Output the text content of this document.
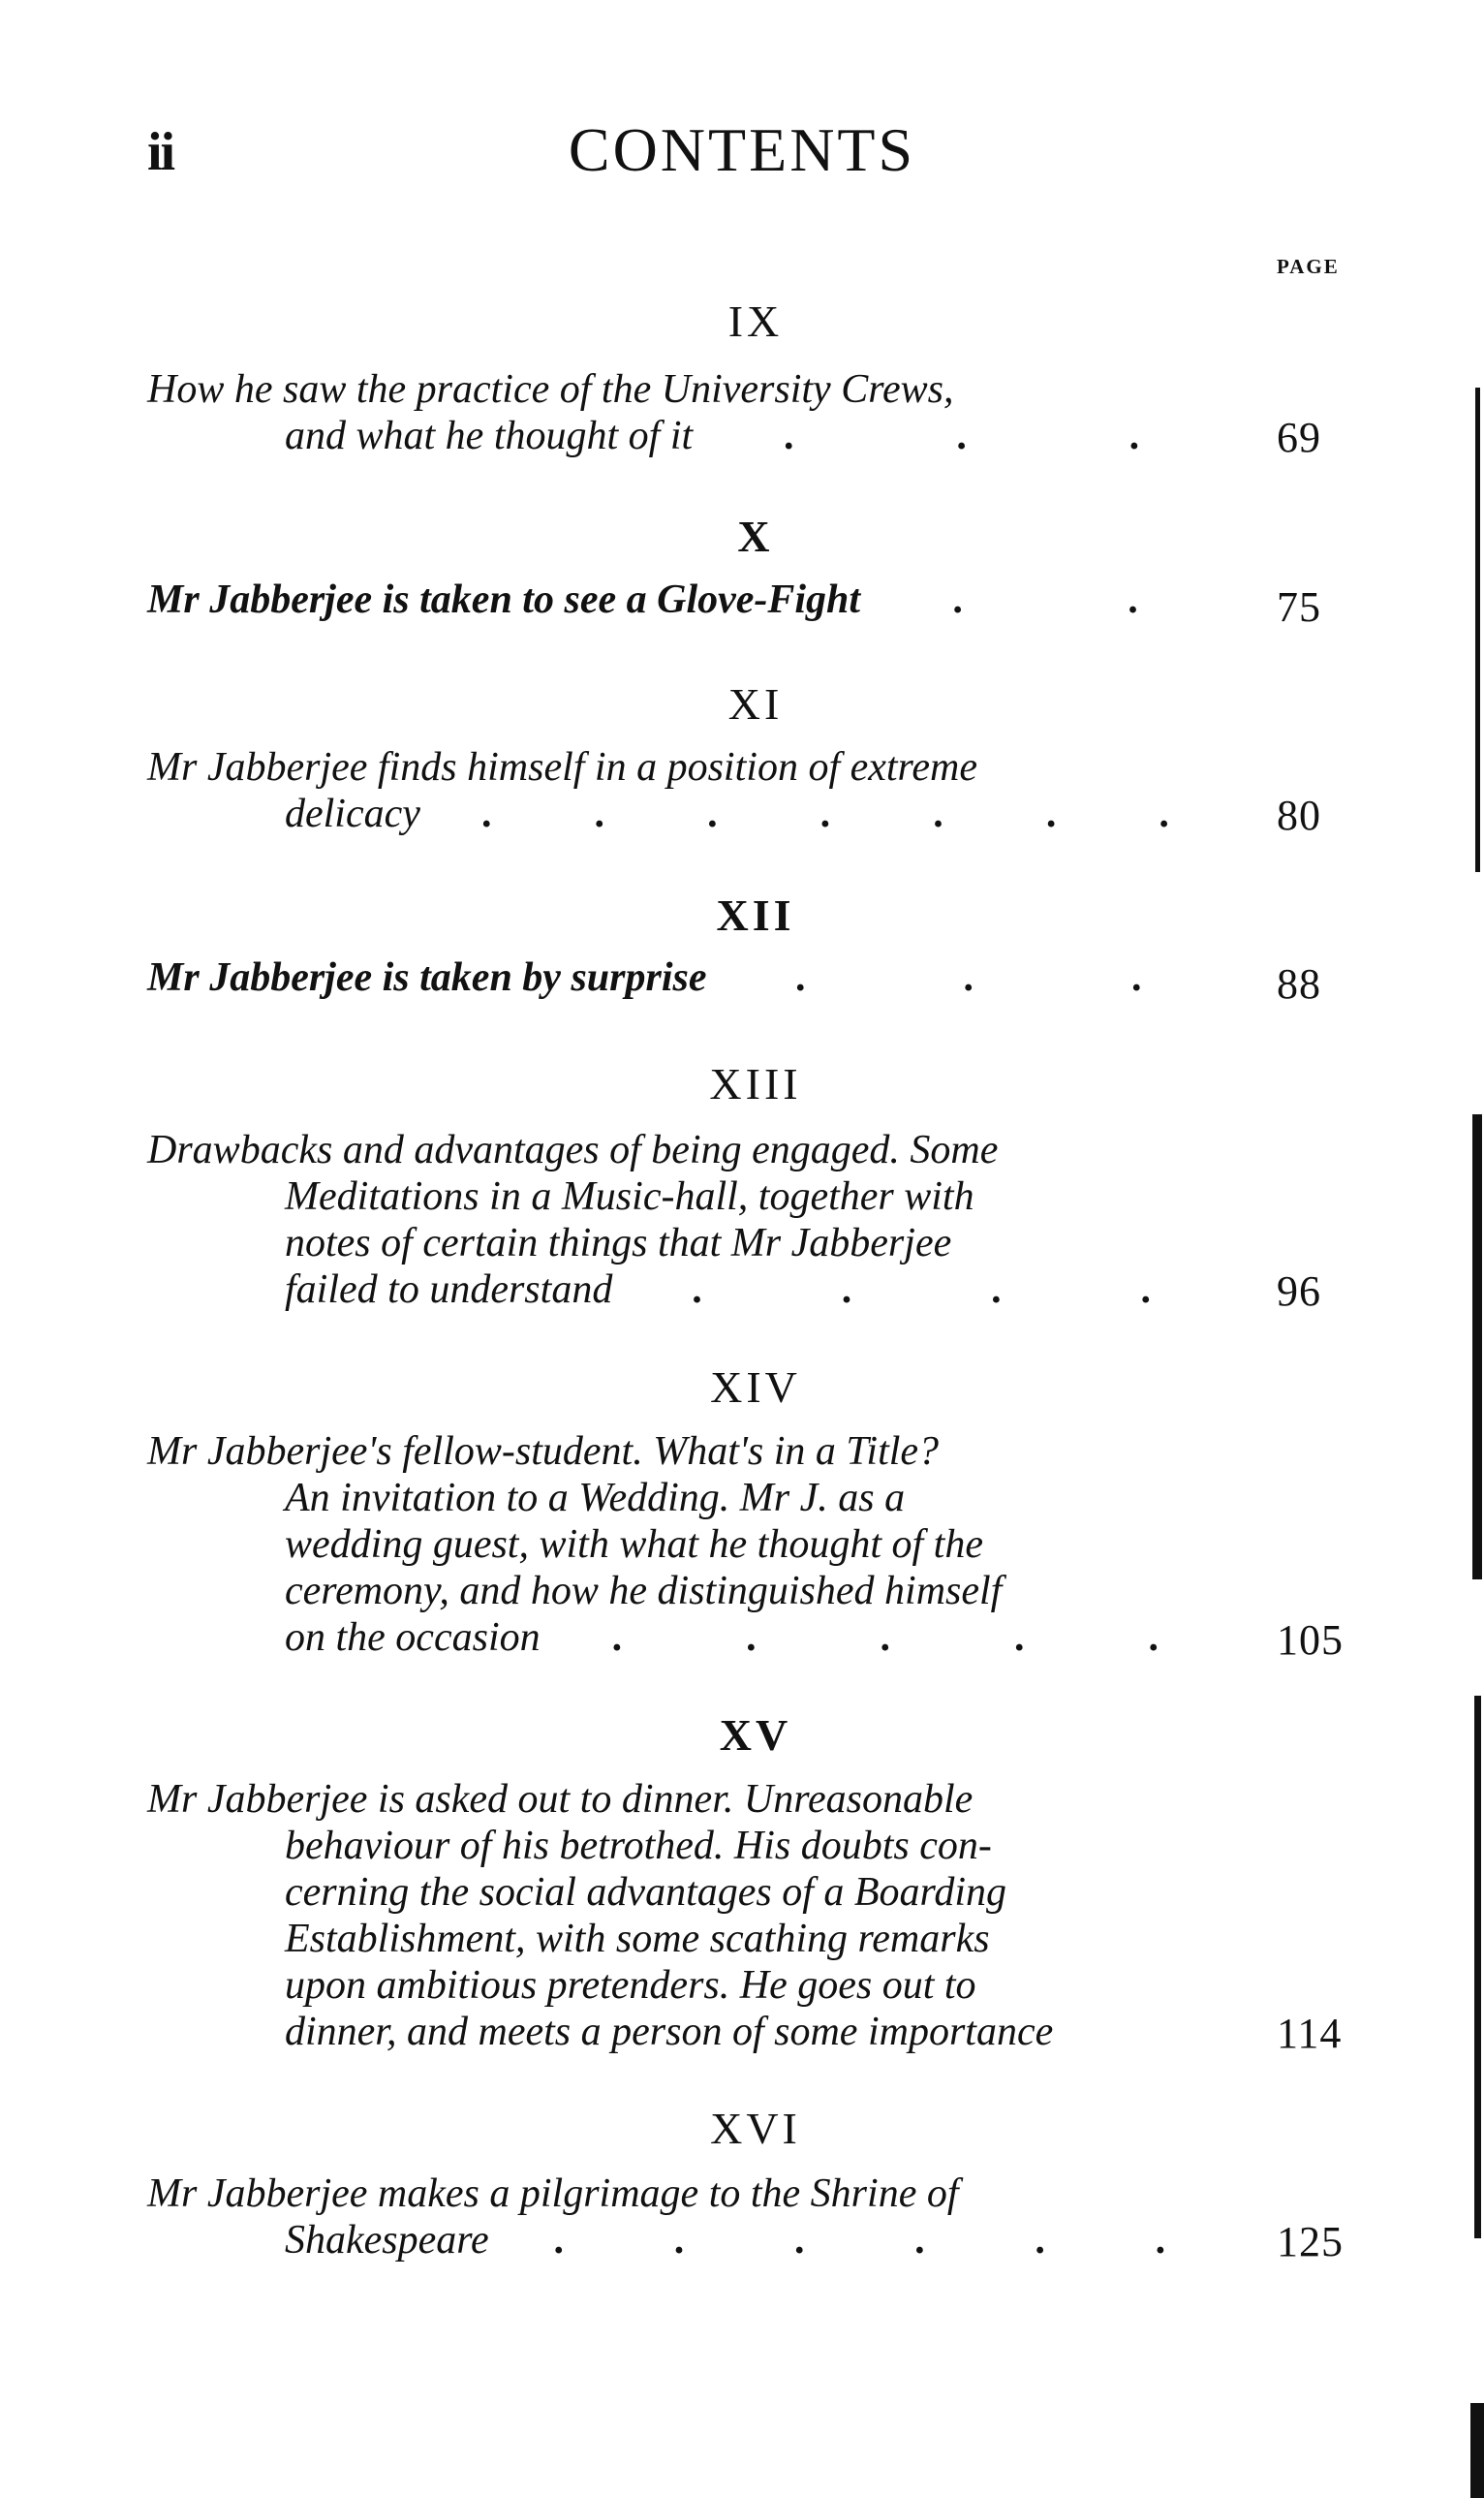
ii	CONTENTS
PAGE
IX
How he saw the practice of the University Crews,
and what he thought of it .	.	.	69
X
Mr Jabberjee is taken to see a Glove-Fight .	.	75
XI
Mr Jabberjee finds himself in a position of extreme
delicacy .	.	.	.	.	.	.	80
XII
Mr Jabberjee is taken by surprise .	.	.	88
XIII
Drawbacks and advantages of being engaged. Some
Meditations in a Music-hall, together with
notes of certain things that Mr Jabberjee
failed to understand .	.	.	.	96
XIV
Mr Jabberjee's fellow-student. What's in a Title?
An invitation to a Wedding. Mr J. as a
wedding guest, with what he thought of the
ceremony, and how he distinguished himself
on the occasion .	.	.	.	.	105
XV
Mr Jabberjee is asked out to dinner. Unreasonable
behaviour of his betrothed. His doubts con-
cerning the social advantages of a Boarding
Establishment, with some scathing remarks
upon ambitious pretenders. He goes out to
dinner, and meets a person of some importance	114
XVI
Mr Jabberjee makes a pilgrimage to the Shrine of
Shakespeare .	.	.	.	.	.	125
